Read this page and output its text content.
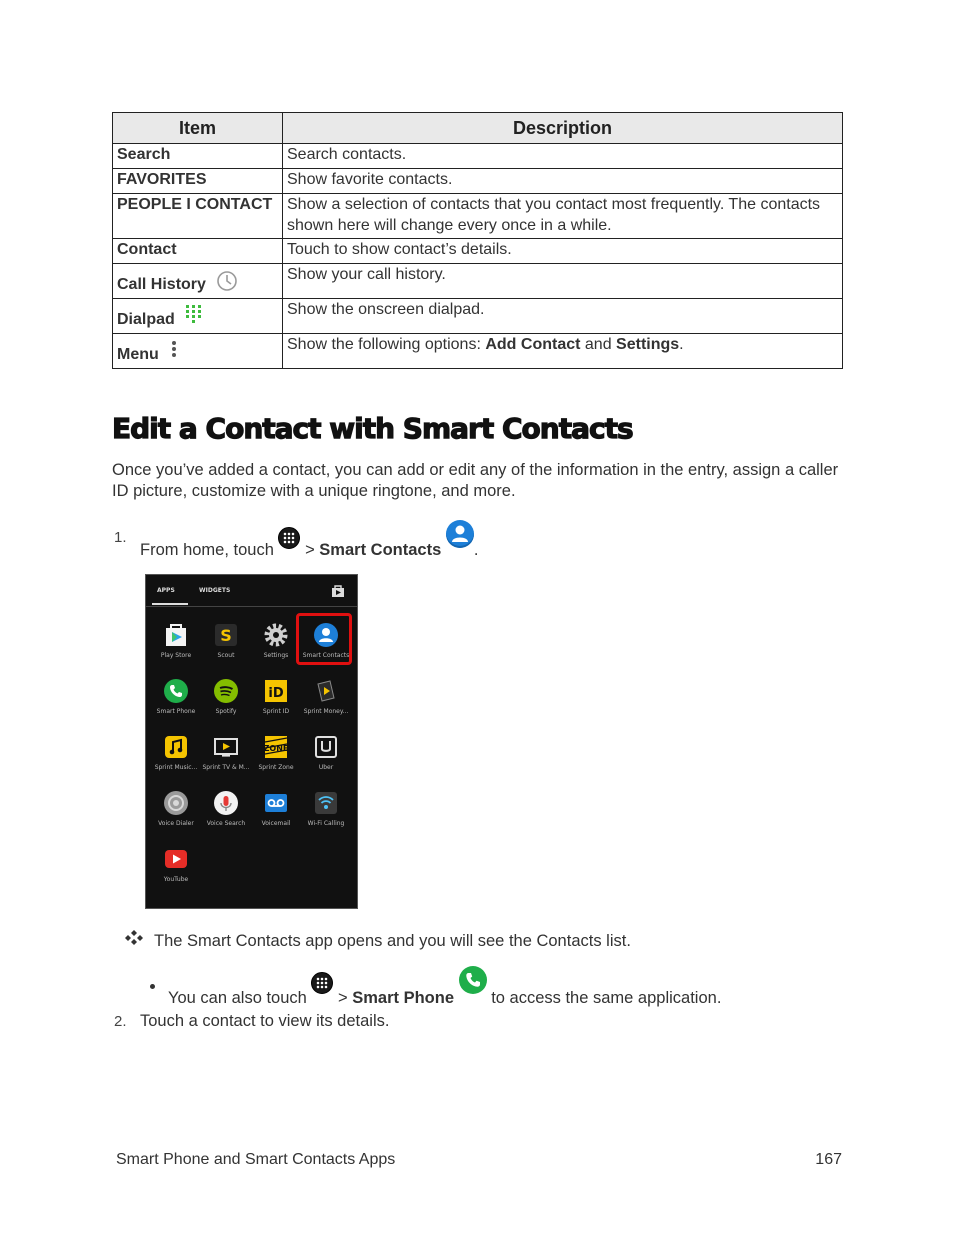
Item	Description
Search	Search contacts.
FAVORITES	Show favorite contacts.
PEOPLE I CONTACT	Show a selection of contacts that you contact most frequently. The contacts shown here will change every once in a while.
Contact	Touch to show contact’s details.
Call History	Show your call history.
Dialpad	Show the onscreen dialpad.
Menu	Show the following options: Add Contact and Settings.
Edit a Contact with Smart Contacts

Once you’ve added a contact, you can add or edit any of the information in the entry, assign a caller ID picture, customize with a unique ringtone, and more.

1.
From home, touch  > Smart Contacts .
APPS	WIDGETS
Play Store
S
Scout	Settings	Smart Contacts
Smart Phone	Spotify
iD
Sprint ID	Sprint Money...
Sprint Music... Sprint TV & M...
ZONE
Sprint Zone	Uber
Voice Dialer	Voice Search	Voicemail	Wi-Fi Calling
YouTube
The Smart Contacts app opens and you will see the Contacts list.
You can also touch  > Smart Phone
to access the same application.
2. Touch a contact to view its details.
Smart Phone and Smart Contacts Apps	167
